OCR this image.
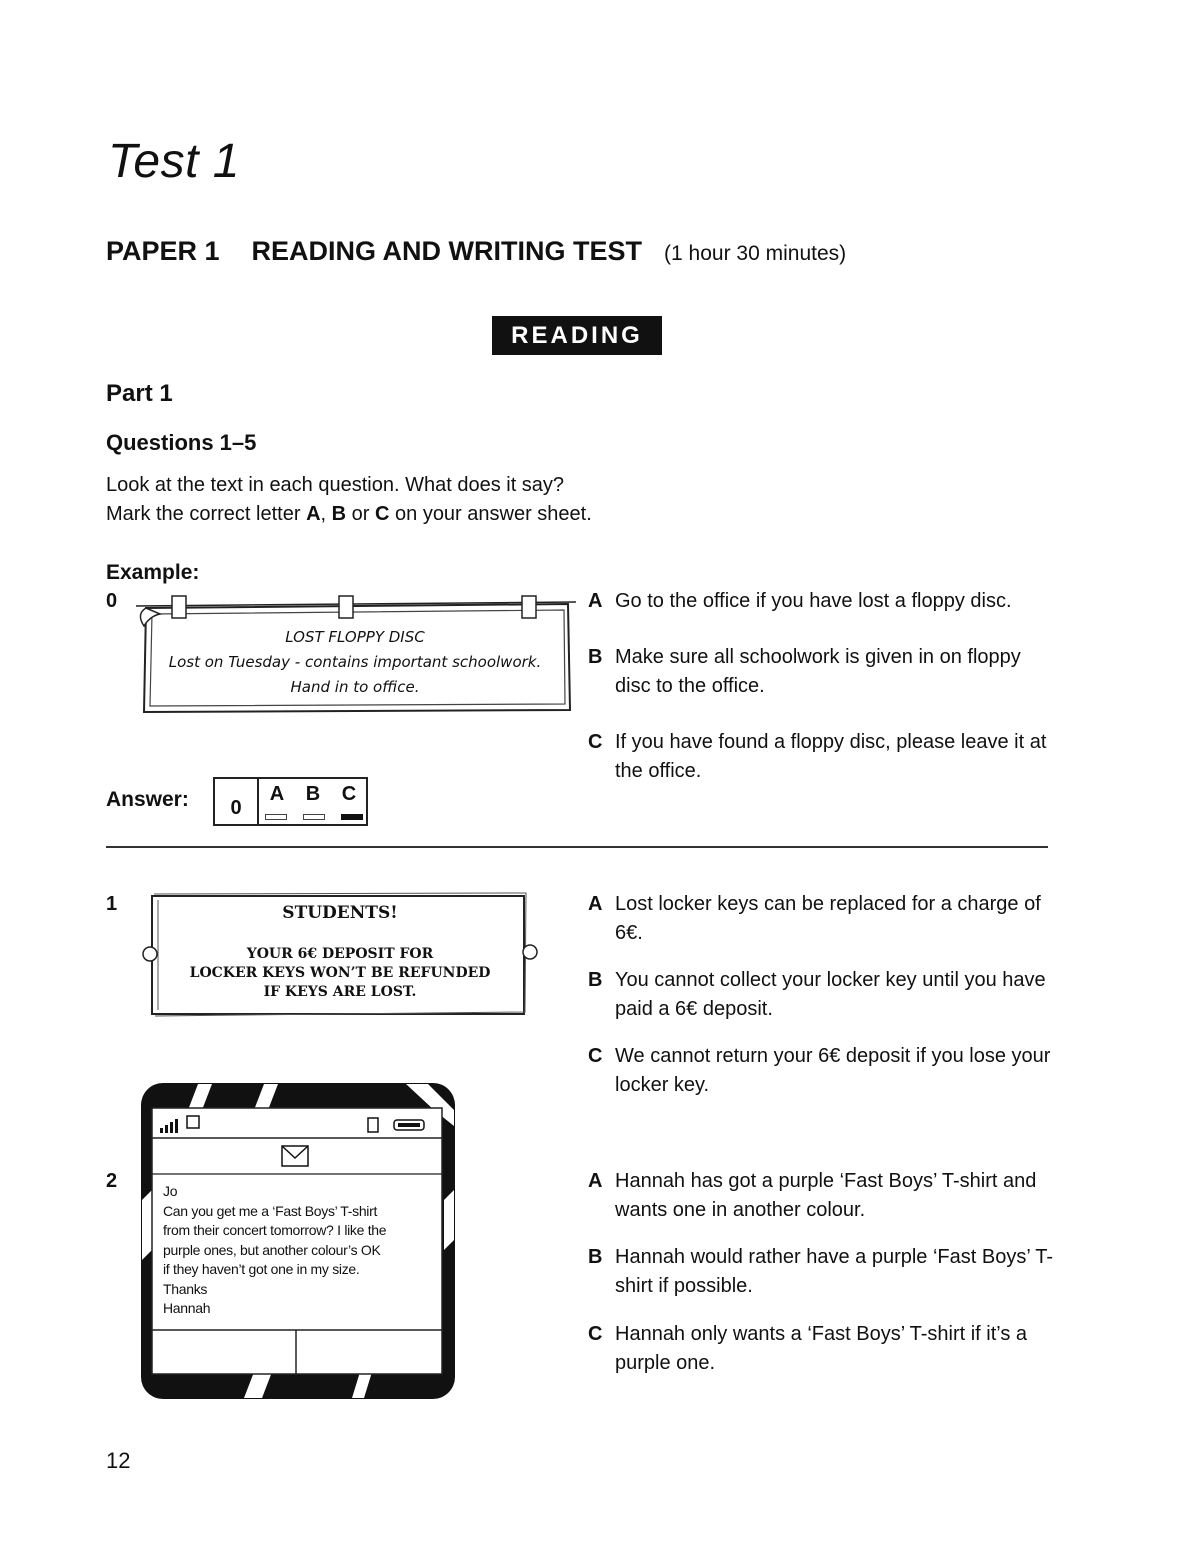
Test 1
PAPER 1 READING AND WRITING TEST (1 hour 30 minutes)
READING
Part 1
Questions 1–5
Look at the text in each question. What does it say?
Mark the correct letter A, B or C on your answer sheet.
Example:
0
LOST FLOPPY DISC
Lost on Tuesday - contains important schoolwork.
Hand in to office.
A Go to the office if you have lost a floppy disc.
B Make sure all schoolwork is given in on floppy disc to the office.
C If you have found a floppy disc, please leave it at the office.
Answer:	0
A B C
1	STUDENTS!
YOUR 6€ DEPOSIT FOR
LOCKER KEYS WON’T BE REFUNDED
IF KEYS ARE LOST.
A Lost locker keys can be replaced for a charge of 6€.
B You cannot collect your locker key until you have paid a 6€ deposit.
C We cannot return your 6€ deposit if you lose your locker key.
2	Jo
Can you get me a ‘Fast Boys’ T-shirt
from their concert tomorrow? I like the
purple ones, but another colour’s OK
if they haven’t got one in my size.
Thanks
Hannah
A Hannah has got a purple ‘Fast Boys’ T-shirt and wants one in another colour.
B Hannah would rather have a purple ‘Fast Boys’ T-shirt if possible.
C Hannah only wants a ‘Fast Boys’ T-shirt if it’s a purple one.
12
